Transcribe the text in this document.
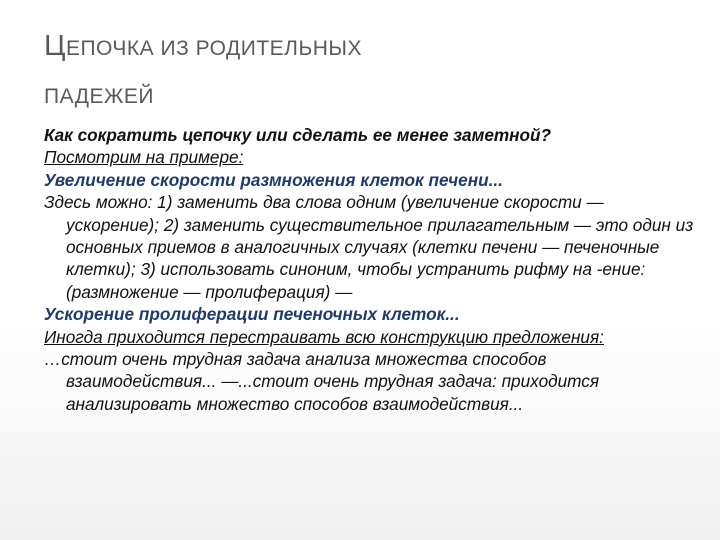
ЦЕПОЧКА ИЗ РОДИТЕЛЬНЫХ
ПАДЕЖЕЙ

Как сократить цепочку или сделать ее менее заметной?
Посмотрим на примере:

Увеличение скорости размножения клеток печени...

Здесь можно: 1) заменить два слова одним (увеличение скорости — ускорение); 2) заменить существительное прилагательным — это один из основных приемов в аналогичных случаях (клетки печени — печеночные клетки); 3) использовать синоним, чтобы устранить рифму на -ение: (размножение — пролиферация) —
Ускорение пролиферации печеночных клеток...

Иногда приходится перестраивать всю конструкцию предложения:

…стоит очень трудная задача анализа множества способов взаимодействия... —...стоит очень трудная задача: приходится анализировать множество способов взаимодействия...
